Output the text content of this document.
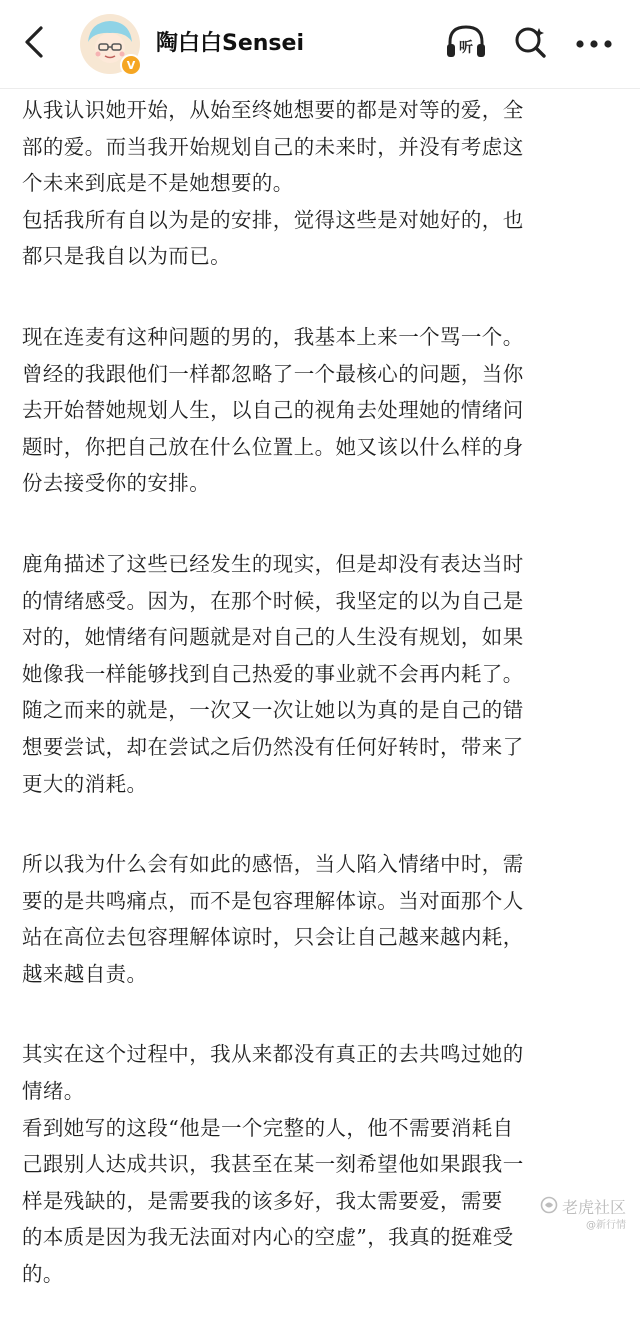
V
陶白白Sensei	听
从我认识她开始，从始至终她想要的都是对等的爱，全
部的爱。而当我开始规划自己的未来时，并没有考虑这
个未来到底是不是她想要的。
包括我所有自以为是的安排，觉得这些是对她好的，也
都只是我自以为而已。
现在连麦有这种问题的男的，我基本上来一个骂一个。
曾经的我跟他们一样都忽略了一个最核心的问题，当你
去开始替她规划人生，以自己的视角去处理她的情绪问
题时，你把自己放在什么位置上。她又该以什么样的身
份去接受你的安排。
鹿角描述了这些已经发生的现实，但是却没有表达当时
的情绪感受。因为，在那个时候，我坚定的以为自己是
对的，她情绪有问题就是对自己的人生没有规划，如果
她像我一样能够找到自己热爱的事业就不会再内耗了。
随之而来的就是，一次又一次让她以为真的是自己的错
想要尝试，却在尝试之后仍然没有任何好转时，带来了
更大的消耗。
所以我为什么会有如此的感悟，当人陷入情绪中时，需
要的是共鸣痛点，而不是包容理解体谅。当对面那个人
站在高位去包容理解体谅时，只会让自己越来越内耗，
越来越自责。
其实在这个过程中，我从来都没有真正的去共鸣过她的
情绪。
看到她写的这段“他是一个完整的人，他不需要消耗自
己跟别人达成共识，我甚至在某一刻希望他如果跟我一
样是残缺的，是需要我的该多好，我太需要爱，需要
的本质是因为我无法面对内心的空虚”，我真的挺难受
的。
老虎社区
@新行情
